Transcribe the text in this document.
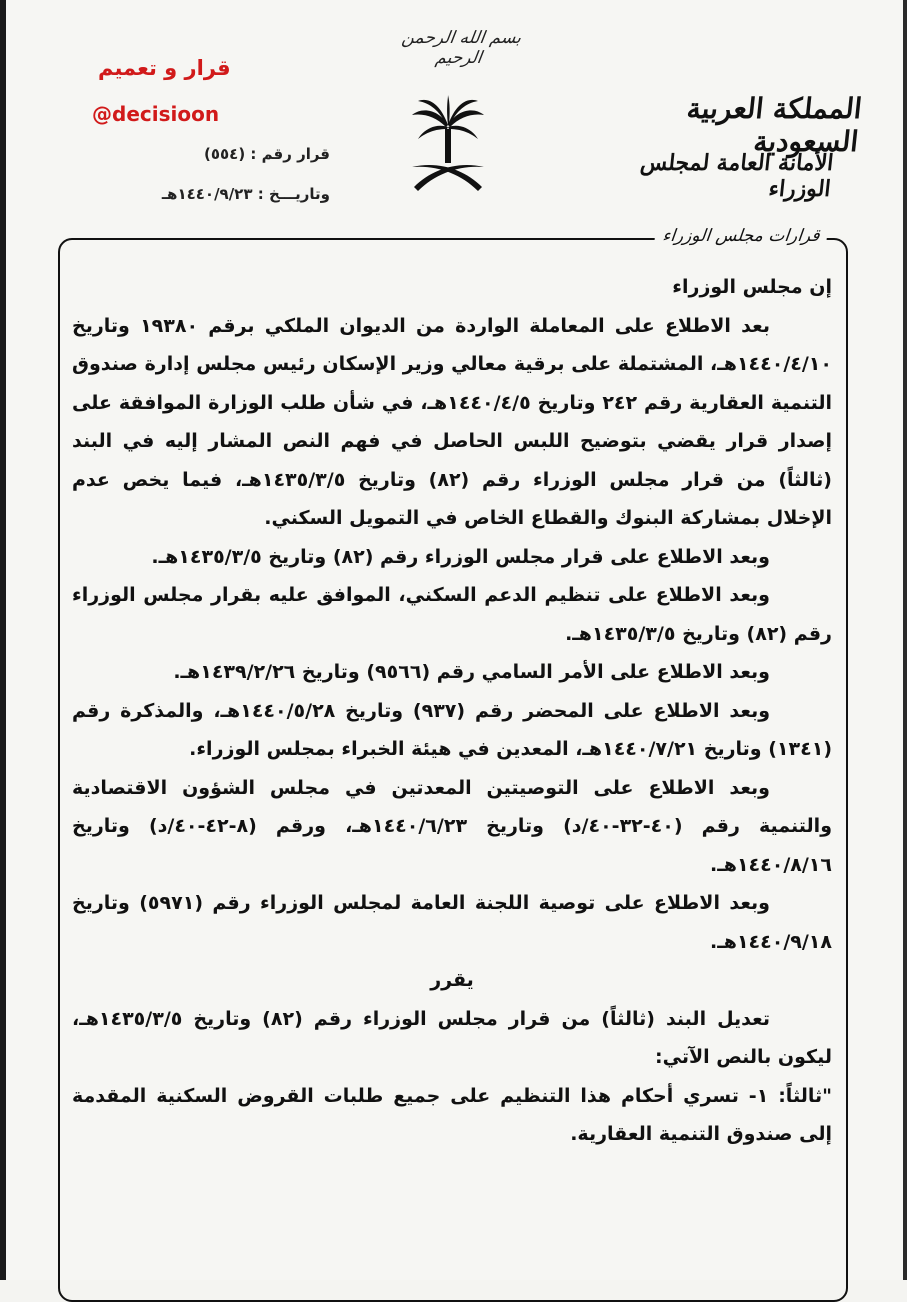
بسم الله الرحمن الرحيم
قرار و تعميم
@decisioon
قرار رقم : (٥٥٤)
وتاريـــخ : ١٤٤٠/٩/٢٣هـ
المملكة العربية السعودية
الأمانة العامة لمجلس الوزراء
قرارات مجلس الوزراء

إن مجلس الوزراء

بعد الاطلاع على المعاملة الواردة من الديوان الملكي برقم ١٩٣٨٠ وتاريخ ١٤٤٠/٤/١٠هـ، المشتملة على برقية معالي وزير الإسكان رئيس مجلس إدارة صندوق التنمية العقارية رقم ٢٤٢ وتاريخ ١٤٤٠/٤/٥هـ، في شأن طلب الوزارة الموافقة على إصدار قرار يقضي بتوضيح اللبس الحاصل في فهم النص المشار إليه في البند (ثالثاً) من قرار مجلس الوزراء رقم (٨٢) وتاريخ ١٤٣٥/٣/٥هـ، فيما يخص عدم الإخلال بمشاركة البنوك والقطاع الخاص في التمويل السكني.

وبعد الاطلاع على قرار مجلس الوزراء رقم (٨٢) وتاريخ ١٤٣٥/٣/٥هـ.

وبعد الاطلاع على تنظيم الدعم السكني، الموافق عليه بقرار مجلس الوزراء رقم (٨٢) وتاريخ ١٤٣٥/٣/٥هـ.

وبعد الاطلاع على الأمر السامي رقم (٩٥٦٦) وتاريخ ١٤٣٩/٢/٢٦هـ.

وبعد الاطلاع على المحضر رقم (٩٣٧) وتاريخ ١٤٤٠/٥/٢٨هـ، والمذكرة رقم (١٣٤١) وتاريخ ١٤٤٠/٧/٢١هـ، المعدين في هيئة الخبراء بمجلس الوزراء.

وبعد الاطلاع على التوصيتين المعدتين في مجلس الشؤون الاقتصادية والتنمية رقم (٤٠-٣٢-٤٠/د) وتاريخ ١٤٤٠/٦/٢٣هـ، ورقم (٨-٤٢-٤٠/د) وتاريخ ١٤٤٠/٨/١٦هـ.

وبعد الاطلاع على توصية اللجنة العامة لمجلس الوزراء رقم (٥٩٧١) وتاريخ ١٤٤٠/٩/١٨هـ.

يقرر

تعديل البند (ثالثاً) من قرار مجلس الوزراء رقم (٨٢) وتاريخ ١٤٣٥/٣/٥هـ، ليكون بالنص الآتي:

"ثالثاً: ١- تسري أحكام هذا التنظيم على جميع طلبات القروض السكنية المقدمة إلى صندوق التنمية العقارية.
